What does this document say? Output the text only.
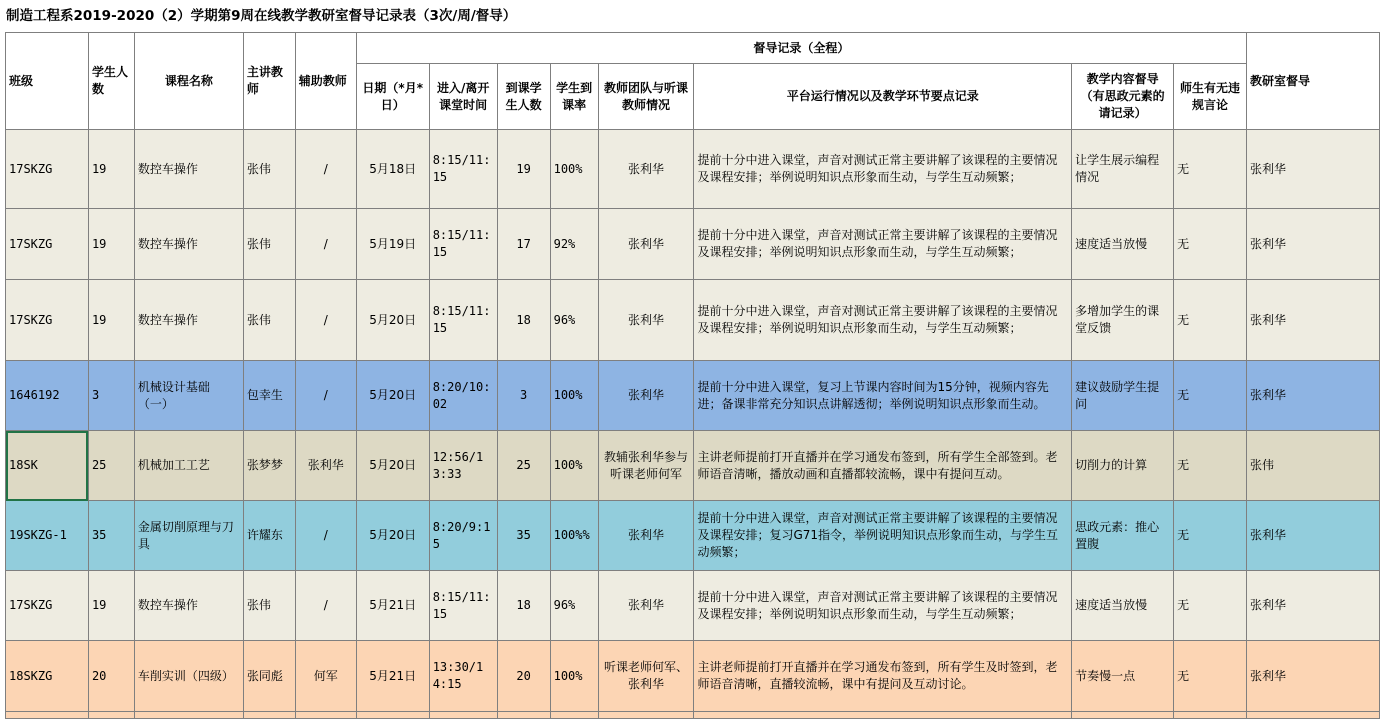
制造工程系2019-2020（2）学期第9周在线教学教研室督导记录表（3次/周/督导）
班级	学生人数	课程名称	主讲教师	辅助教师	督导记录（全程）								教研室督导
					日期（*月*日）	进入/离开课堂时间	到课学生人数	学生到课率	教师团队与听课教师情况	平台运行情况以及教学环节要点记录	教学内容督导（有思政元素的请记录）	师生有无违规言论	
17SKZG	19	数控车操作	张伟	/	5月18日	8:15/11:15	19	100%	张利华	提前十分中进入课堂，声音对测试正常主要讲解了该课程的主要情况及课程安排；举例说明知识点形象而生动，与学生互动频繁；	让学生展示编程情况	无	张利华
17SKZG	19	数控车操作	张伟	/	5月19日	8:15/11:15	17	92%	张利华	提前十分中进入课堂，声音对测试正常主要讲解了该课程的主要情况及课程安排；举例说明知识点形象而生动，与学生互动频繁；	速度适当放慢	无	张利华
17SKZG	19	数控车操作	张伟	/	5月20日	8:15/11:15	18	96%	张利华	提前十分中进入课堂，声音对测试正常主要讲解了该课程的主要情况及课程安排；举例说明知识点形象而生动，与学生互动频繁；	多增加学生的课堂反馈	无	张利华
1646192	3	机械设计基础（一）	包幸生	/	5月20日	8:20/10:02	3	100%	张利华	提前十分中进入课堂，复习上节课内容时间为15分钟，视频内容先进；备课非常充分知识点讲解透彻；举例说明知识点形象而生动。	建议鼓励学生提问	无	张利华
18SK	25	机械加工工艺	张梦梦	张利华	5月20日	12:56/13:33	25	100%	教辅张利华参与听课老师何军	主讲老师提前打开直播并在学习通发布签到，所有学生全部签到。老师语音清晰，播放动画和直播都较流畅，课中有提问互动。	切削力的计算	无	张伟
19SKZG-1	35	金属切削原理与刀具	许耀东	/	5月20日	8:20/9:15	35	100%%	张利华	提前十分中进入课堂，声音对测试正常主要讲解了该课程的主要情况及课程安排；复习G71指令，举例说明知识点形象而生动，与学生互动频繁；	思政元素：推心置腹	无	张利华
17SKZG	19	数控车操作	张伟	/	5月21日	8:15/11:15	18	96%	张利华	提前十分中进入课堂，声音对测试正常主要讲解了该课程的主要情况及课程安排；举例说明知识点形象而生动，与学生互动频繁；	速度适当放慢	无	张利华
18SKZG	20	车削实训（四级）	张同彪	何军	5月21日	13:30/14:15	20	100%	听课老师何军、张利华	主讲老师提前打开直播并在学习通发布签到，所有学生及时签到，老师语音清晰，直播较流畅，课中有提问及互动讨论。	节奏慢一点	无	张利华
